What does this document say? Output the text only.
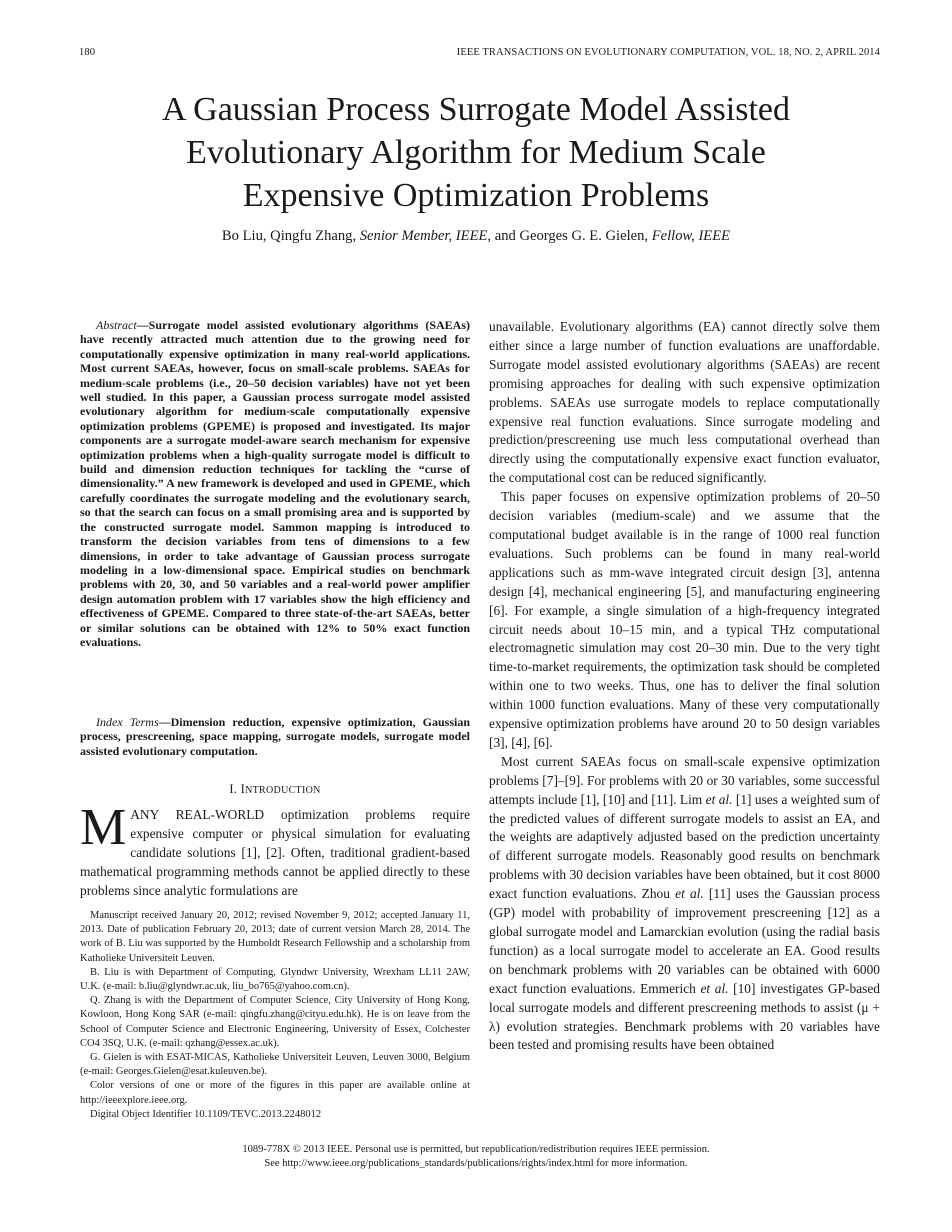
180	IEEE TRANSACTIONS ON EVOLUTIONARY COMPUTATION, VOL. 18, NO. 2, APRIL 2014
A Gaussian Process Surrogate Model Assisted
Evolutionary Algorithm for Medium Scale
Expensive Optimization Problems
Bo Liu, Qingfu Zhang, Senior Member, IEEE, and Georges G. E. Gielen, Fellow, IEEE

Abstract—Surrogate model assisted evolutionary algorithms (SAEAs) have recently attracted much attention due to the growing need for computationally expensive optimization in many real-world applications. Most current SAEAs, however, focus on small-scale problems. SAEAs for medium-scale problems (i.e., 20–50 decision variables) have not yet been well studied. In this paper, a Gaussian process surrogate model assisted evolutionary algorithm for medium-scale computationally expensive optimization problems (GPEME) is proposed and investigated. Its major components are a surrogate model-aware search mechanism for expensive optimization problems when a high-quality surrogate model is difficult to build and dimension reduction techniques for tackling the “curse of dimensionality.” A new framework is developed and used in GPEME, which carefully coordinates the surrogate modeling and the evolutionary search, so that the search can focus on a small promising area and is supported by the constructed surrogate model. Sammon mapping is introduced to transform the decision variables from tens of dimensions to a few dimensions, in order to take advantage of Gaussian process surrogate modeling in a low-dimensional space. Empirical studies on benchmark problems with 20, 30, and 50 variables and a real-world power amplifier design automation problem with 17 variables show the high efficiency and effectiveness of GPEME. Compared to three state-of-the-art SAEAs, better or similar solutions can be obtained with 12% to 50% exact function evaluations.

Index Terms—Dimension reduction, expensive optimization, Gaussian process, prescreening, space mapping, surrogate models, surrogate model assisted evolutionary computation.

I. INTRODUCTION

MANY REAL-WORLD optimization problems require expensive computer or physical simulation for evaluating candidate solutions [1], [2]. Often, traditional gradient-based mathematical programming methods cannot be applied directly to these problems since analytic formulations are

Manuscript received January 20, 2012; revised November 9, 2012; accepted January 11, 2013. Date of publication February 20, 2013; date of current version March 28, 2014. The work of B. Liu was supported by the Humboldt Research Fellowship and a scholarship from Katholieke Universiteit Leuven.

B. Liu is with Department of Computing, Glyndwr University, Wrexham LL11 2AW, U.K. (e-mail: b.liu@glyndwr.ac.uk, liu_bo765@yahoo.com.cn).

Q. Zhang is with the Department of Computer Science, City University of Hong Kong, Kowloon, Hong Kong SAR (e-mail: qingfu.zhang@cityu.edu.hk). He is on leave from the School of Computer Science and Electronic Engineering, University of Essex, Colchester CO4 3SQ, U.K. (e-mail: qzhang@essex.ac.uk).

G. Gielen is with ESAT-MICAS, Katholieke Universiteit Leuven, Leuven 3000, Belgium (e-mail: Georges.Gielen@esat.kuleuven.be).

Color versions of one or more of the figures in this paper are available online at http://ieeexplore.ieee.org.

Digital Object Identifier 10.1109/TEVC.2013.2248012

unavailable. Evolutionary algorithms (EA) cannot directly solve them either since a large number of function evaluations are unaffordable. Surrogate model assisted evolutionary algorithms (SAEAs) are recent promising approaches for dealing with such expensive optimization problems. SAEAs use surrogate models to replace computationally expensive real function evaluations. Since surrogate modeling and prediction/prescreening use much less computational overhead than directly using the computationally expensive exact function evaluator, the computational cost can be reduced significantly.

This paper focuses on expensive optimization problems of 20–50 decision variables (medium-scale) and we assume that the computational budget available is in the range of 1000 real function evaluations. Such problems can be found in many real-world applications such as mm-wave integrated circuit design [3], antenna design [4], mechanical engineering [5], and manufacturing engineering [6]. For example, a single simulation of a high-frequency integrated circuit needs about 10–15 min, and a typical THz computational electromagnetic simulation may cost 20–30 min. Due to the very tight time-to-market requirements, the optimization task should be completed within one to two weeks. Thus, one has to deliver the final solution within 1000 function evaluations. Many of these very computationally expensive optimization problems have around 20 to 50 design variables [3], [4], [6].

Most current SAEAs focus on small-scale expensive optimization problems [7]–[9]. For problems with 20 or 30 variables, some successful attempts include [1], [10] and [11]. Lim et al. [1] uses a weighted sum of the predicted values of different surrogate models to assist an EA, and the weights are adaptively adjusted based on the prediction uncertainty of different surrogate models. Reasonably good results on benchmark problems with 30 decision variables have been obtained, but it cost 8000 exact function evaluations. Zhou et al. [11] uses the Gaussian process (GP) model with probability of improvement prescreening [12] as a global surrogate model and Lamarckian evolution (using the radial basis function) as a local surrogate model to accelerate an EA. Good results on benchmark problems with 20 variables can be obtained with 6000 exact function evaluations. Emmerich et al. [10] investigates GP-based local surrogate models and different prescreening methods to assist (μ + λ) evolution strategies. Benchmark problems with 20 variables have been tested and promising results have been obtained

1089-778X © 2013 IEEE. Personal use is permitted, but republication/redistribution requires IEEE permission.
See http://www.ieee.org/publications_standards/publications/rights/index.html for more information.
